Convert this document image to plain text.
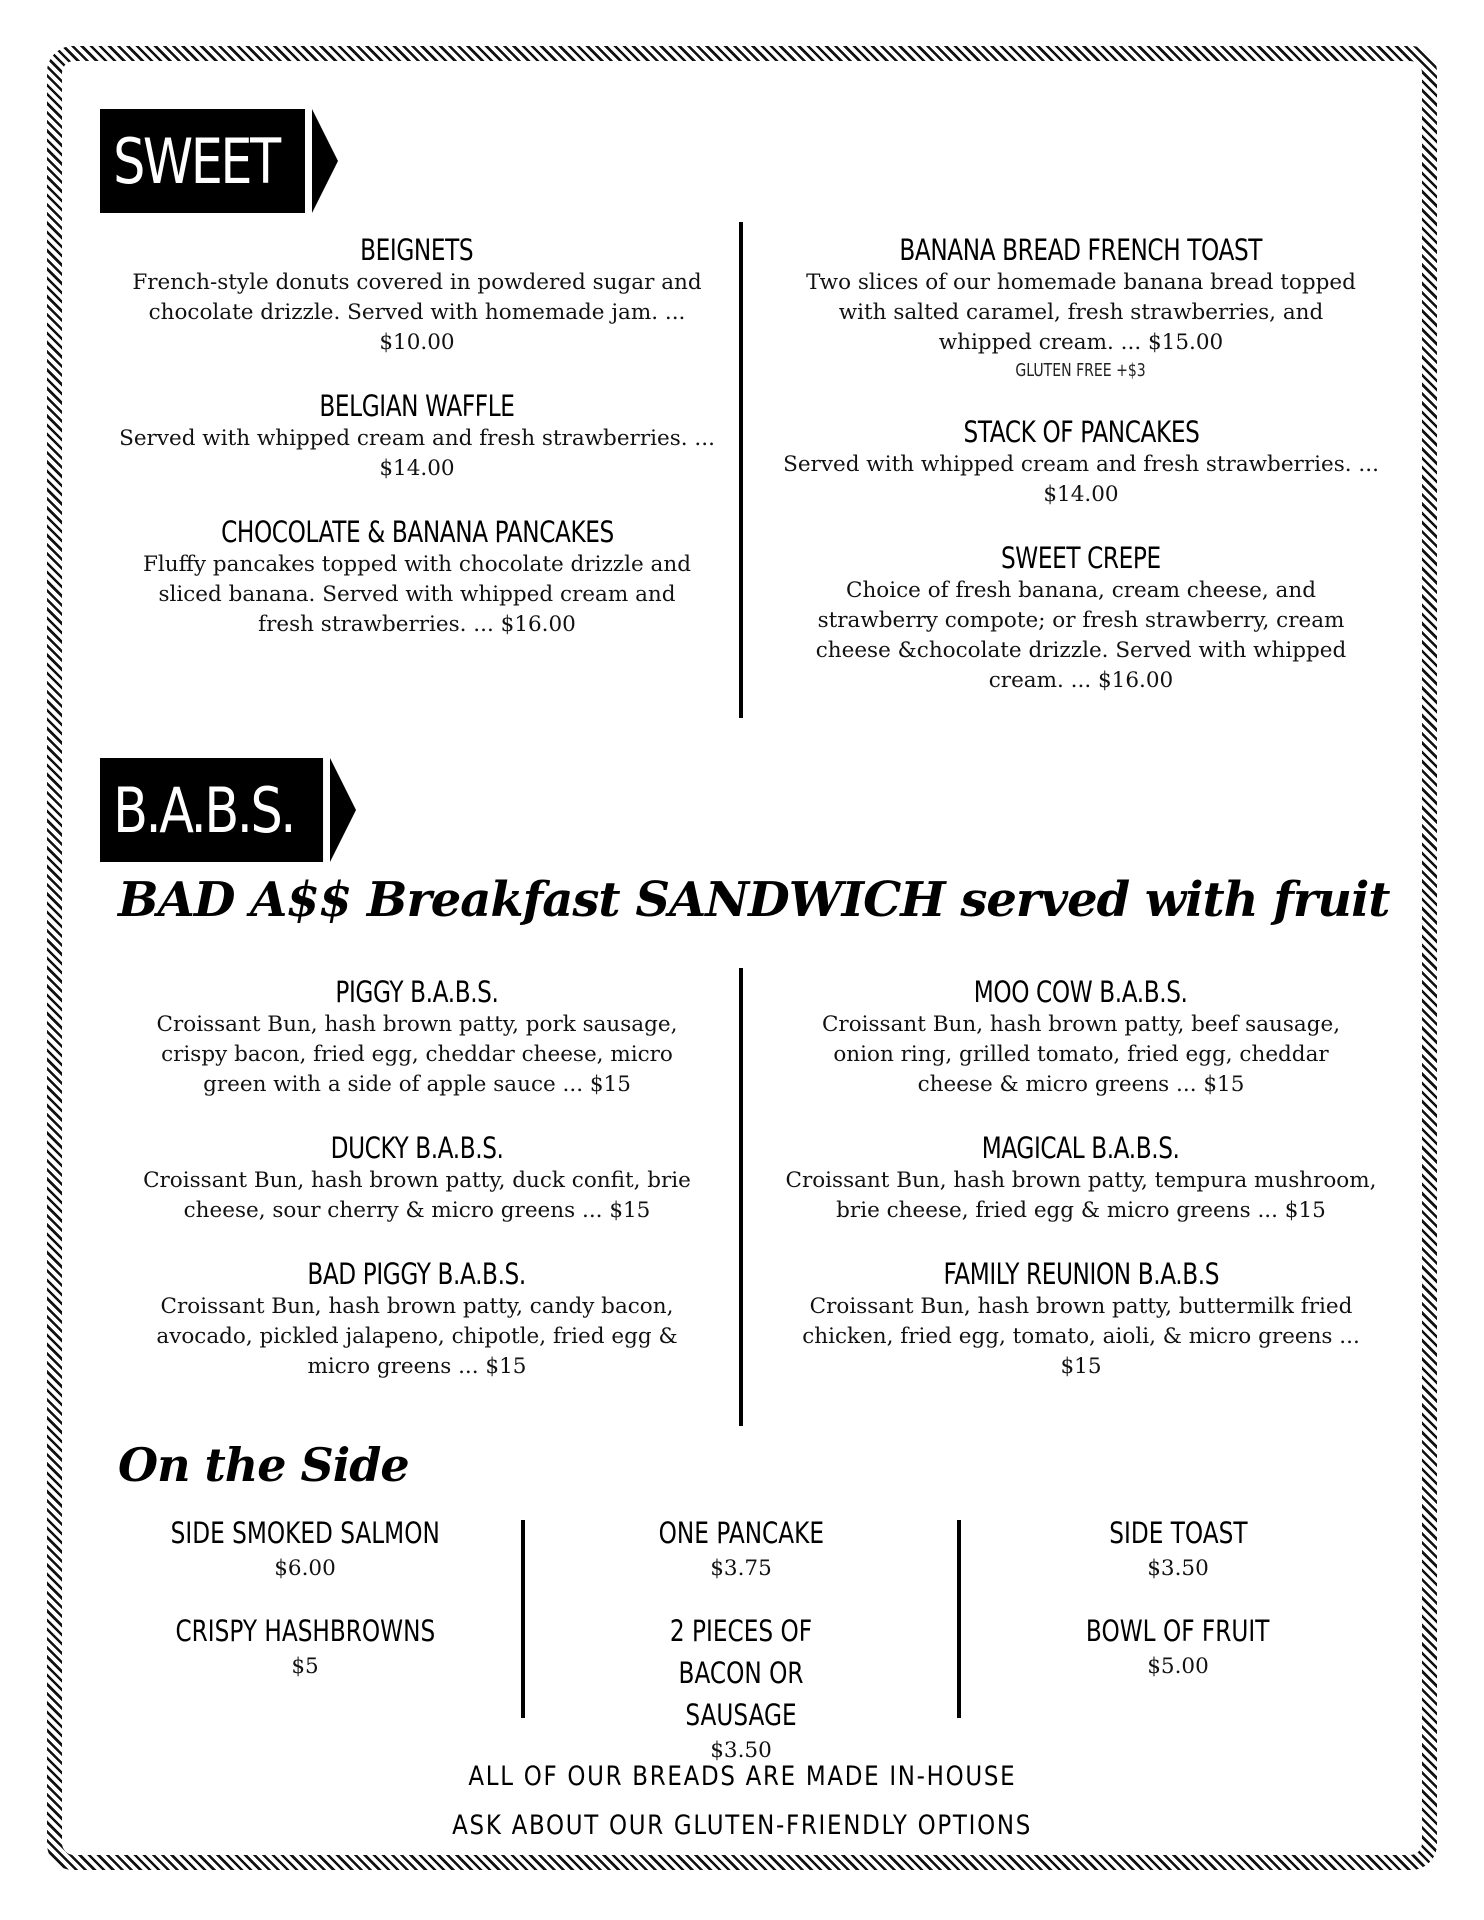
SWEET
BEIGNETS
French-style donuts covered in powdered sugar and chocolate drizzle. Served with homemade jam. ... $10.00
BELGIAN WAFFLE
Served with whipped cream and fresh strawberries. ... $14.00
CHOCOLATE & BANANA PANCAKES
Fluffy pancakes topped with chocolate drizzle and sliced banana. Served with whipped cream and fresh strawberries. ... $16.00
BANANA BREAD FRENCH TOAST
Two slices of our homemade banana bread topped with salted caramel, fresh strawberries, and whipped cream. ... $15.00
GLUTEN FREE +$3
STACK OF PANCAKES
Served with whipped cream and fresh strawberries. ... $14.00
SWEET CREPE
Choice of fresh banana, cream cheese, and strawberry compote; or fresh strawberry, cream cheese &chocolate drizzle. Served with whipped cream. ... $16.00
B.A.B.S.
BAD A$$ Breakfast SANDWICH served with fruit
PIGGY B.A.B.S.
Croissant Bun, hash brown patty, pork sausage, crispy bacon, fried egg, cheddar cheese, micro green with a side of apple sauce ... $15
DUCKY B.A.B.S.
Croissant Bun, hash brown patty, duck confit, brie cheese, sour cherry & micro greens ... $15
BAD PIGGY B.A.B.S.
Croissant Bun, hash brown patty, candy bacon, avocado, pickled jalapeno, chipotle, fried egg & micro greens ... $15
MOO COW B.A.B.S.
Croissant Bun, hash brown patty, beef sausage, onion ring, grilled tomato, fried egg, cheddar cheese & micro greens ... $15
MAGICAL B.A.B.S.
Croissant Bun, hash brown patty, tempura mushroom, brie cheese, fried egg & micro greens ... $15
FAMILY REUNION B.A.B.S
Croissant Bun, hash brown patty, buttermilk fried chicken, fried egg, tomato, aioli, & micro greens ... $15
On the Side
SIDE SMOKED SALMON
$6.00
CRISPY HASHBROWNS
$5
ONE PANCAKE
$3.75
2 PIECES OF BACON OR SAUSAGE
$3.50
SIDE TOAST
$3.50
BOWL OF FRUIT
$5.00
ALL OF OUR BREADS ARE MADE IN-HOUSE
ASK ABOUT OUR GLUTEN-FRIENDLY OPTIONS
